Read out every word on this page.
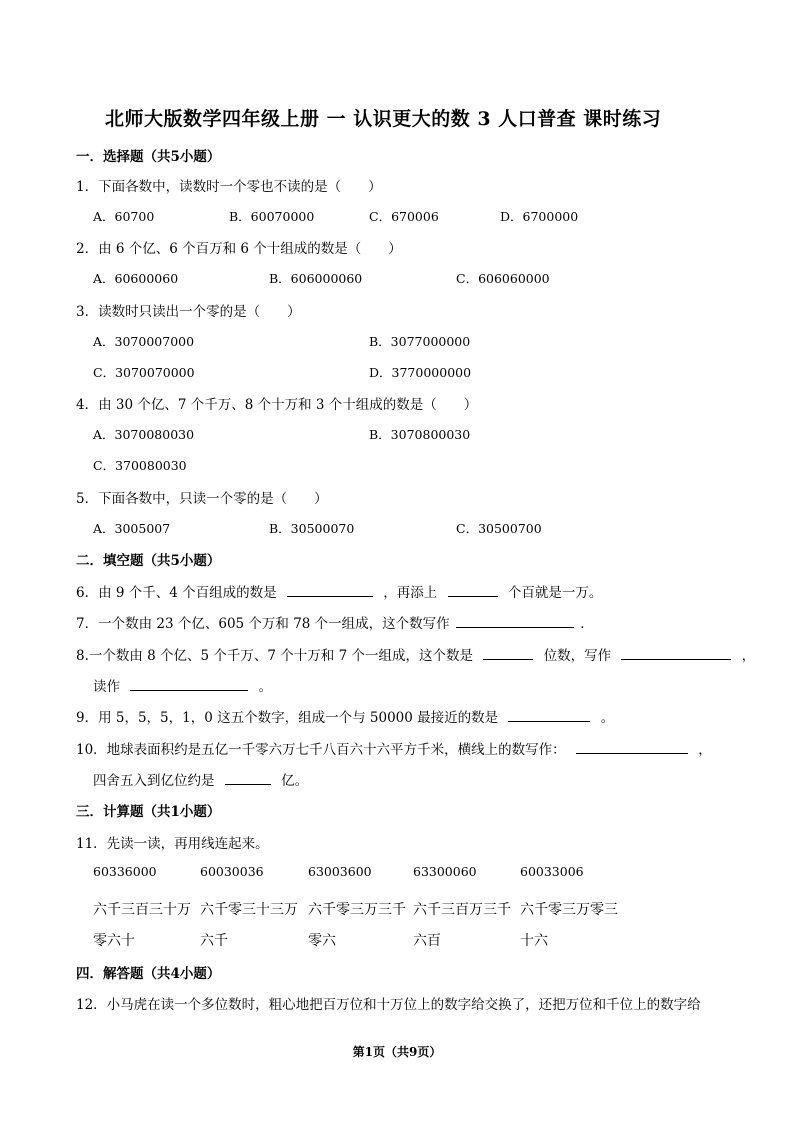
北师大版数学四年级上册 一 认识更大的数 3 人口普查 课时练习
一．选择题（共5小题）
1．下面各数中，读数时一个零也不读的是（　　）
A．60700	B．60070000	C．670006	D．6700000
2．由 6 个亿、6 个百万和 6 个十组成的数是（　　）
A．60600060	B．606000060	C．606060000
3．读数时只读出一个零的是（　　）
A．3070007000	B．3077000000
C．3070070000	D．3770000000
4．由 30 个亿、7 个千万、8 个十万和 3 个十组成的数是（　　）
A．3070080030	B．3070800030
C．370080030
5．下面各数中，只读一个零的是（　　）
A．3005007	B．30500070	C．30500700
二．填空题（共5小题）
6．由 9 个千、4 个百组成的数是	，再添上	个百就是一万。
7．一个数由 23 个亿、605 个万和 78 个一组成，这个数写作	．
8.一个数由 8 个亿、5 个千万、7 个十万和 7 个一组成，这个数是	位数，写作	，
读作	。
9．用 5，5，5，1，0 这五个数字，组成一个与 50000 最接近的数是	。
10．地球表面积约是五亿一千零六万七千八百六十六平方千米，横线上的数写作：	，
四舍五入到亿位约是	亿。
三．计算题（共1小题）
11．先读一读，再用线连起来。
60336000	60030036	63003600	63300060	60033006
六千三百三十万 六千零三十三万 六千零三万三千 六千三百万三千 六千零三万零三
零六十	六千	零六	六百	十六
四．解答题（共4小题）
12．小马虎在读一个多位数时，粗心地把百万位和十万位上的数字给交换了，还把万位和千位上的数字给
第1页（共9页）
